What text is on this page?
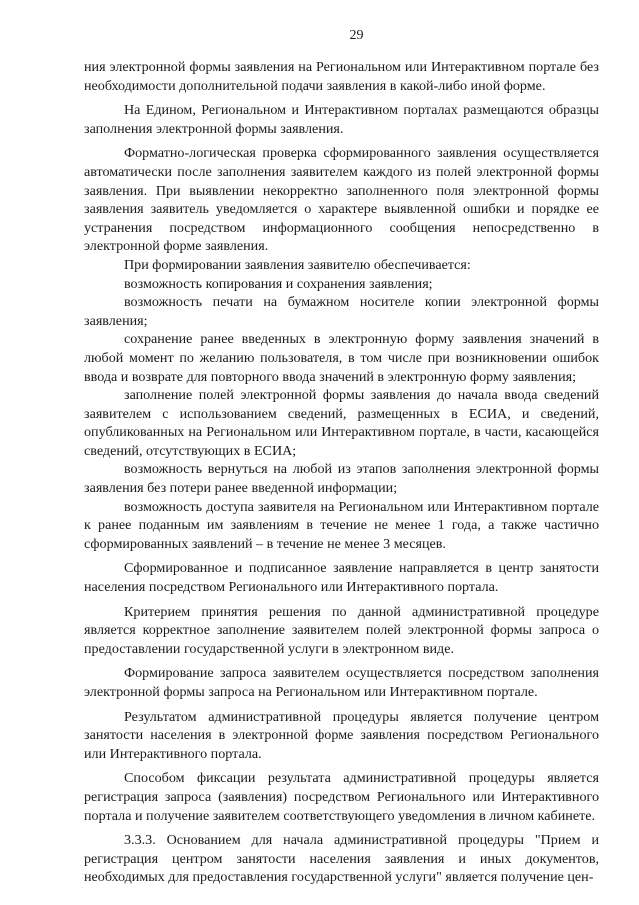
29

ния электронной формы заявления на Региональном или Интерактивном портале без необходимости дополнительной подачи заявления в какой-либо иной форме.

На Едином, Региональном и Интерактивном порталах размещаются образцы заполнения электронной формы заявления.

Форматно-логическая проверка сформированного заявления осуществляется автоматически после заполнения заявителем каждого из полей электронной формы заявления. При выявлении некорректно заполненного поля электронной формы заявления заявитель уведомляется о характере выявленной ошибки и порядке ее устранения посредством информационного сообщения непосредственно в электронной форме заявления.

При формировании заявления заявителю обеспечивается:

возможность копирования и сохранения заявления;

возможность печати на бумажном носителе копии электронной формы заявления;

сохранение ранее введенных в электронную форму заявления значений в любой момент по желанию пользователя, в том числе при возникновении ошибок ввода и возврате для повторного ввода значений в электронную форму заявления;

заполнение полей электронной формы заявления до начала ввода сведений заявителем с использованием сведений, размещенных в ЕСИА, и сведений, опубликованных на Региональном или Интерактивном портале, в части, касающейся сведений, отсутствующих в ЕСИА;

возможность вернуться на любой из этапов заполнения электронной формы заявления без потери ранее введенной информации;

возможность доступа заявителя на Региональном или Интерактивном портале к ранее поданным им заявлениям в течение не менее 1 года, а также частично сформированных заявлений – в течение не менее 3 месяцев.

Сформированное и подписанное заявление направляется в центр занятости населения посредством Регионального или Интерактивного портала.

Критерием принятия решения по данной административной процедуре является корректное заполнение заявителем полей электронной формы запроса о предоставлении государственной услуги в электронном виде.

Формирование запроса заявителем осуществляется посредством заполнения электронной формы запроса на Региональном или Интерактивном портале.

Результатом административной процедуры является получение центром занятости населения в электронной форме заявления посредством Регионального или Интерактивного портала.

Способом фиксации результата административной процедуры является регистрация запроса (заявления) посредством Регионального или Интерактивного портала и получение заявителем соответствующего уведомления в личном кабинете.

3.3.3. Основанием для начала административной процедуры "Прием и регистрация центром занятости населения заявления и иных документов, необходимых для предоставления государственной услуги" является получение цен-
